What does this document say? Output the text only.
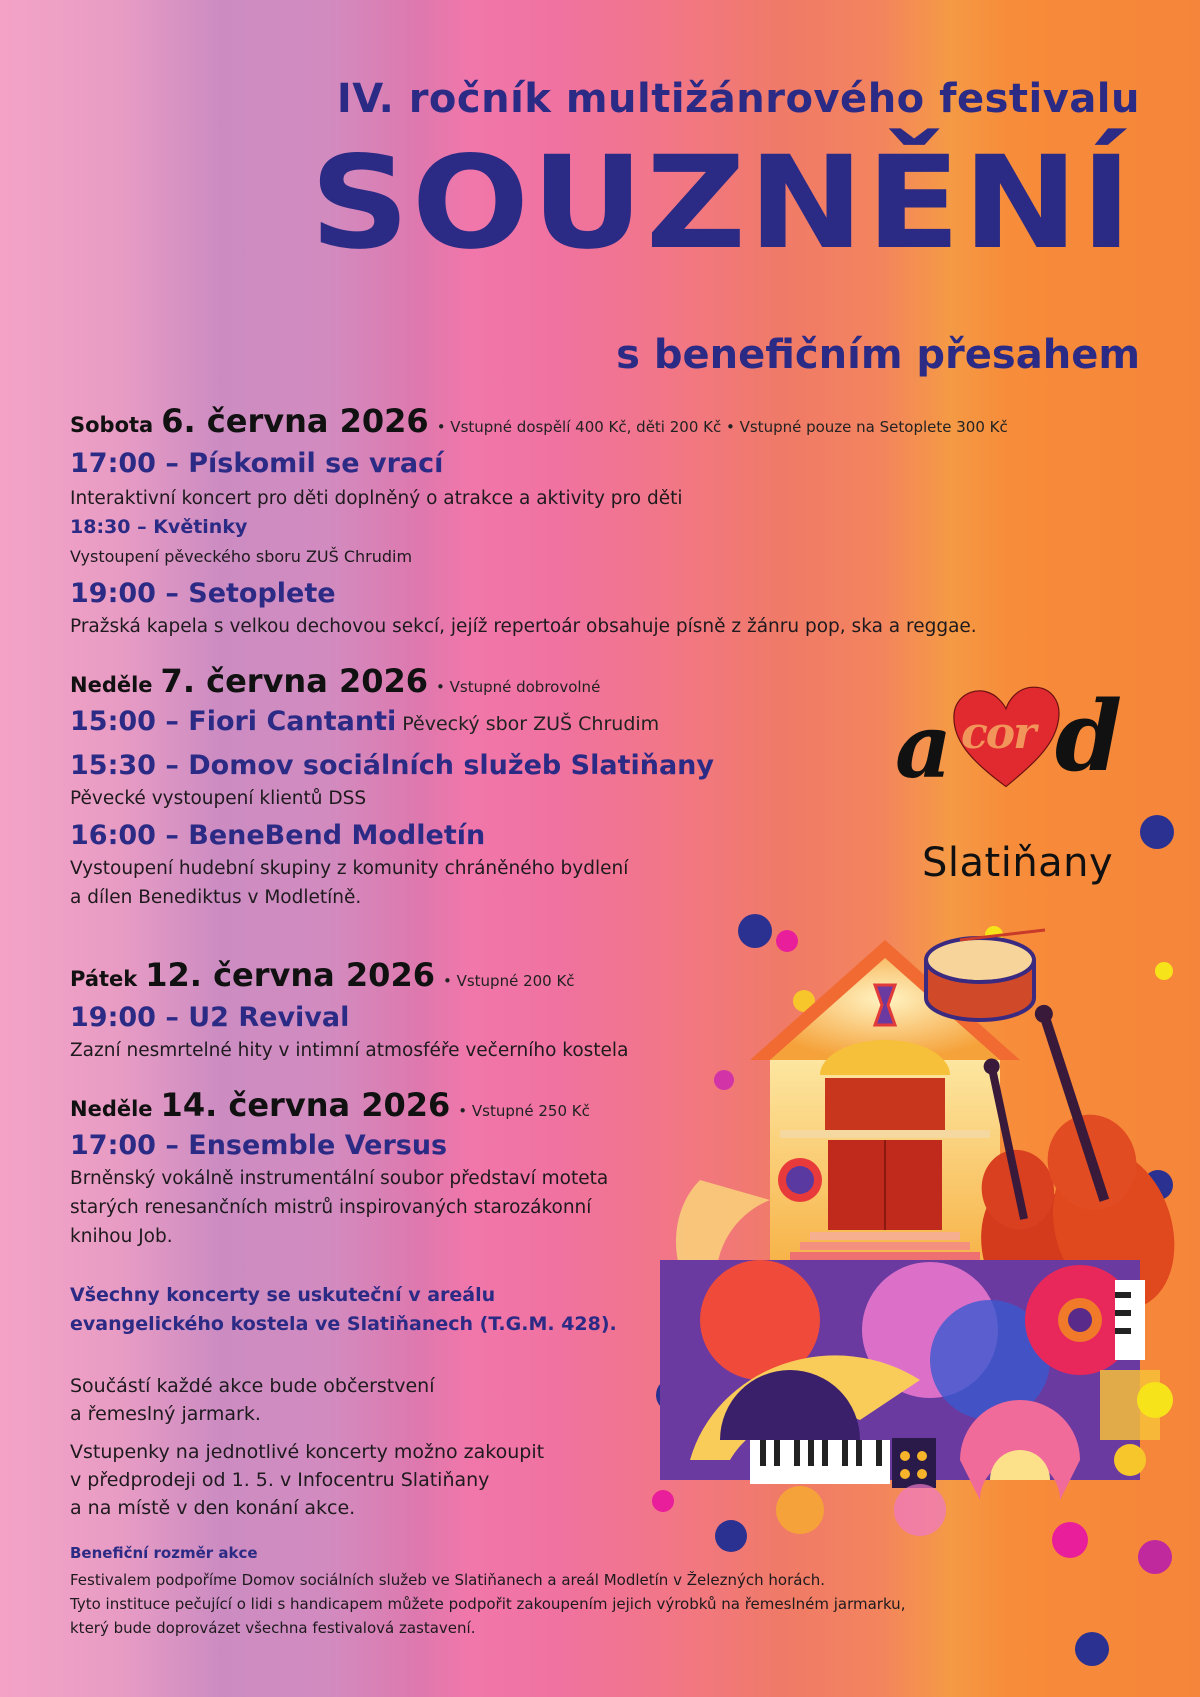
IV. ročník multižánrového festivalu
SOUZNĚNÍ
s benefičním přesahem
Sobota 6. června 2026 • Vstupné dospělí 400 Kč, děti 200 Kč • Vstupné pouze na Setoplete 300 Kč
17:00 – Pískomil se vrací
Interaktivní koncert pro děti doplněný o atrakce a aktivity pro děti
18:30 – Květinky
Vystoupení pěveckého sboru ZUŠ Chrudim
19:00 – Setoplete
Pražská kapela s velkou dechovou sekcí, jejíž repertoár obsahuje písně z žánru pop, ska a reggae.
Neděle 7. června 2026 • Vstupné dobrovolné
15:00 – Fiori Cantanti Pěvecký sbor ZUŠ Chrudim
15:30 – Domov sociálních služeb Slatiňany
Pěvecké vystoupení klientů DSS
16:00 – BeneBend Modletín
Vystoupení hudební skupiny z komunity chráněného bydlení
a dílen Benediktus v Modletíně.
Pátek 12. června 2026 • Vstupné 200 Kč
19:00 – U2 Revival
Zazní nesmrtelné hity v intimní atmosféře večerního kostela
Neděle 14. června 2026 • Vstupné 250 Kč
17:00 – Ensemble Versus
Brněnský vokálně instrumentální soubor představí moteta
starých renesančních mistrů inspirovaných starozákonní
knihou Job.
Všechny koncerty se uskuteční v areálu
evangelického kostela ve Slatiňanech (T.G.M. 428).
Součástí každé akce bude občerstvení
a řemeslný jarmark.
Vstupenky na jednotlivé koncerty možno zakoupit
v předprodeji od 1. 5. v Infocentru Slatiňany
a na místě v den konání akce.
Benefiční rozměr akce
Festivalem podpoříme Domov sociálních služeb ve Slatiňanech a areál Modletín v Železných horách.
Tyto instituce pečující o lidi s handicapem můžete podpořit zakoupením jejich výrobků na řemeslném jarmarku,
který bude doprovázet všechna festivalová zastavení.
a cor d
Slatiňany
